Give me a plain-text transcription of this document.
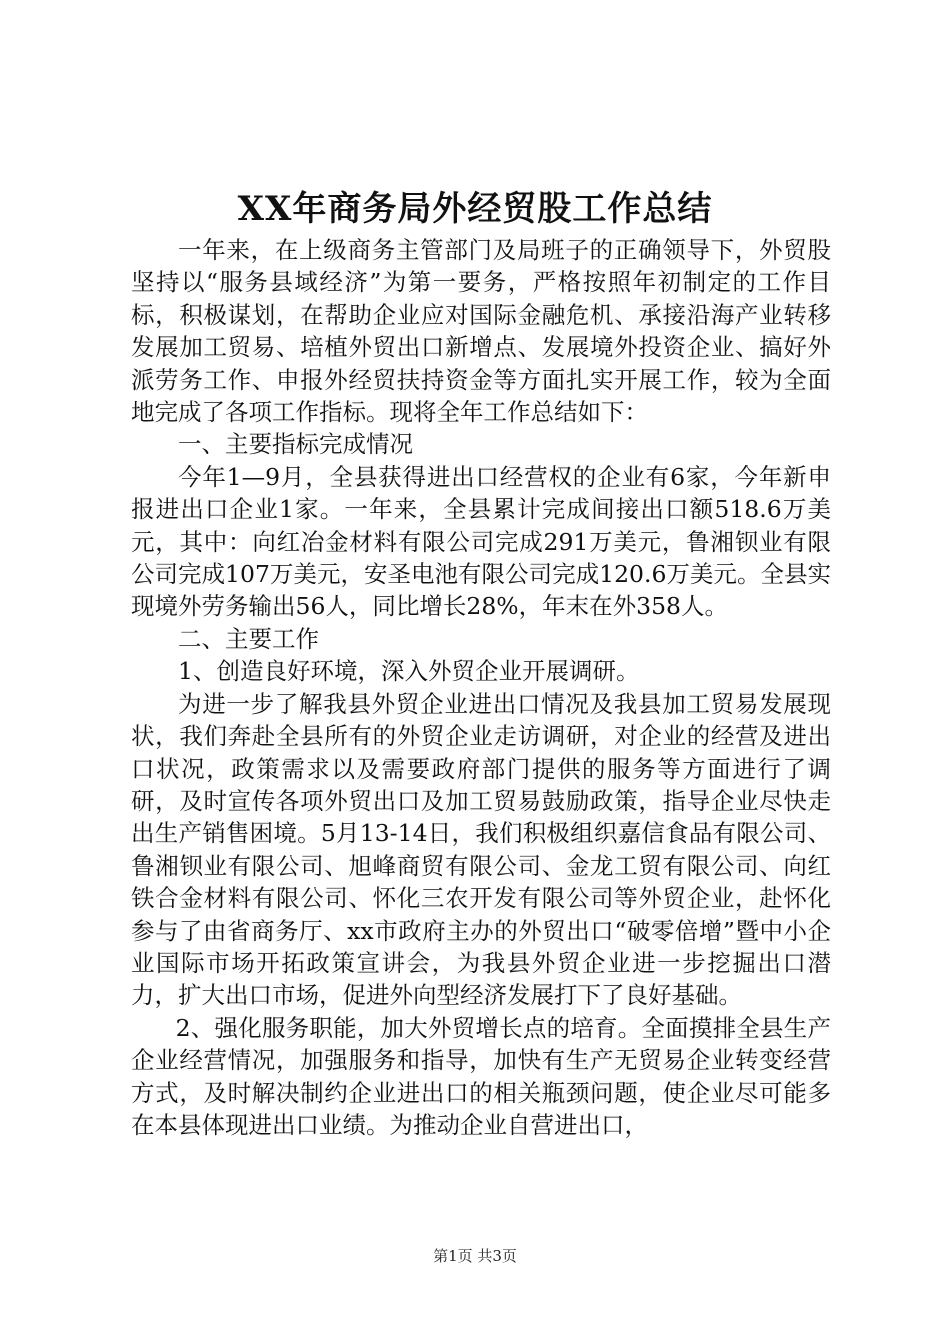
XX年商务局外经贸股工作总结

一年来，在上级商务主管部门及局班子的正确领导下，外贸股坚持以“服务县域经济”为第一要务，严格按照年初制定的工作目标，积极谋划，在帮助企业应对国际金融危机、承接沿海产业转移发展加工贸易、培植外贸出口新增点、发展境外投资企业、搞好外派劳务工作、申报外经贸扶持资金等方面扎实开展工作，较为全面地完成了各项工作指标。现将全年工作总结如下：

一、主要指标完成情况

今年1—9月，全县获得进出口经营权的企业有6家，今年新申报进出口企业1家。一年来，全县累计完成间接出口额518.6万美元，其中：向红冶金材料有限公司完成291万美元，鲁湘钡业有限公司完成107万美元，安圣电池有限公司完成120.6万美元。全县实现境外劳务输出56人，同比增长28%，年末在外358人。

二、主要工作

1、创造良好环境，深入外贸企业开展调研。

为进一步了解我县外贸企业进出口情况及我县加工贸易发展现状，我们奔赴全县所有的外贸企业走访调研，对企业的经营及进出口状况，政策需求以及需要政府部门提供的服务等方面进行了调研，及时宣传各项外贸出口及加工贸易鼓励政策，指导企业尽快走出生产销售困境。5月13-14日，我们积极组织嘉信食品有限公司、鲁湘钡业有限公司、旭峰商贸有限公司、金龙工贸有限公司、向红铁合金材料有限公司、怀化三农开发有限公司等外贸企业，赴怀化参与了由省商务厅、xx市政府主办的外贸出口“破零倍增”暨中小企业国际市场开拓政策宣讲会，为我县外贸企业进一步挖掘出口潜力，扩大出口市场，促进外向型经济发展打下了良好基础。

2、强化服务职能，加大外贸增长点的培育。全面摸排全县生产企业经营情况，加强服务和指导，加快有生产无贸易企业转变经营方式，及时解决制约企业进出口的相关瓶颈问题，使企业尽可能多在本县体现进出口业绩。为推动企业自营进出口，

第1页 共3页
